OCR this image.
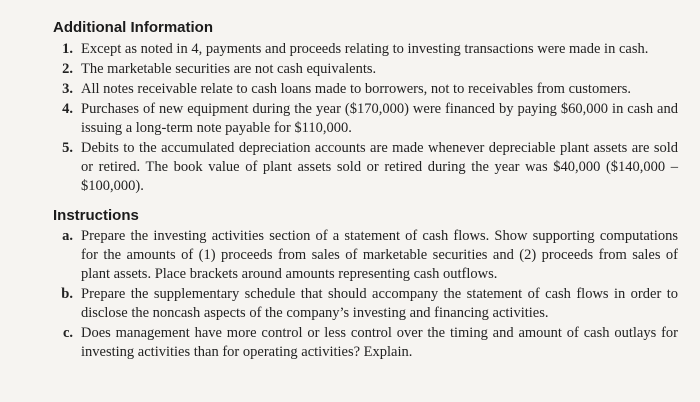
Additional Information
1. Except as noted in 4, payments and proceeds relating to investing transactions were made in cash.
2. The marketable securities are not cash equivalents.
3. All notes receivable relate to cash loans made to borrowers, not to receivables from customers.
4. Purchases of new equipment during the year ($170,000) were financed by paying $60,000 in cash and issuing a long-term note payable for $110,000.
5. Debits to the accumulated depreciation accounts are made whenever depreciable plant assets are sold or retired. The book value of plant assets sold or retired during the year was $40,000 ($140,000 – $100,000).
Instructions
a. Prepare the investing activities section of a statement of cash flows. Show supporting computations for the amounts of (1) proceeds from sales of marketable securities and (2) proceeds from sales of plant assets. Place brackets around amounts representing cash outflows.
b. Prepare the supplementary schedule that should accompany the statement of cash flows in order to disclose the noncash aspects of the company’s investing and financing activities.
c. Does management have more control or less control over the timing and amount of cash outlays for investing activities than for operating activities? Explain.
